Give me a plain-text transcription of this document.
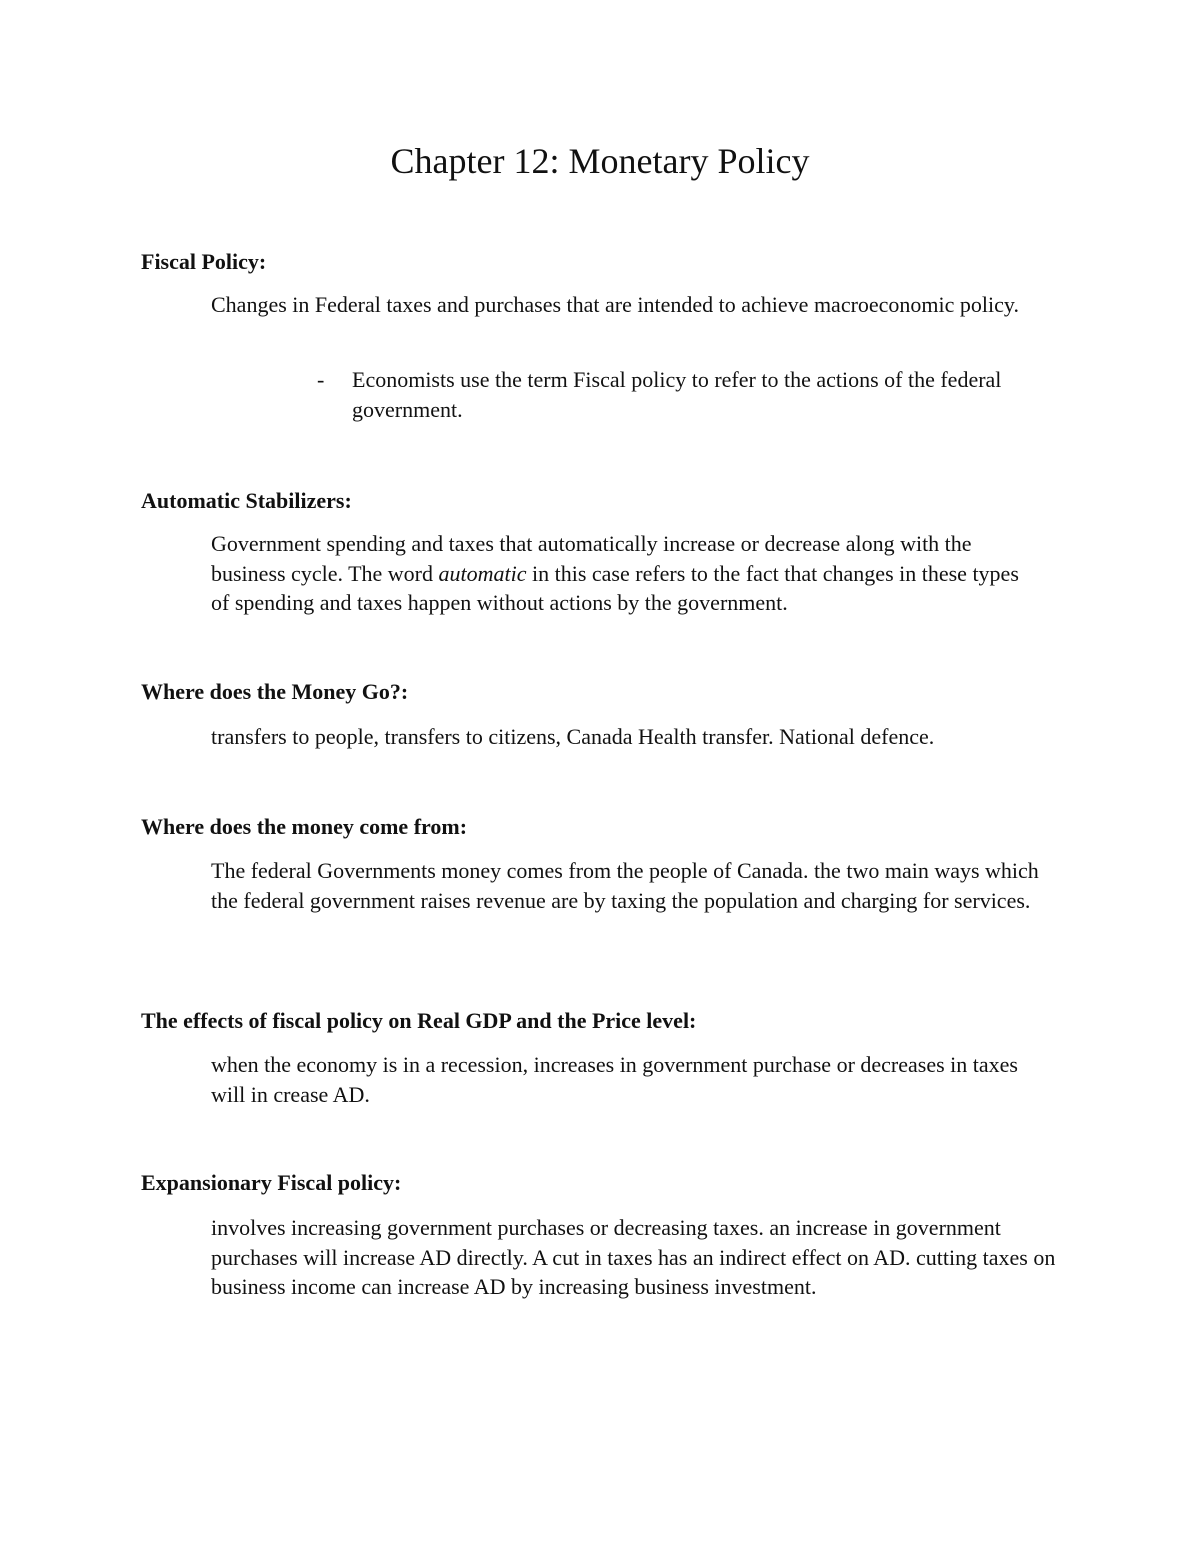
Chapter 12: Monetary Policy
Fiscal Policy:

Changes in Federal taxes and purchases that are intended to achieve macroeconomic policy.

-	Economists use the term Fiscal policy to refer to the actions of the federal government.
Automatic Stabilizers:

Government spending and taxes that automatically increase or decrease along with the business cycle. The word automatic in this case refers to the fact that changes in these types of spending and taxes happen without actions by the government.

Where does the Money Go?:

transfers to people, transfers to citizens, Canada Health transfer. National defence.

Where does the money come from:

The federal Governments money comes from the people of Canada. the two main ways which the federal government raises revenue are by taxing the population and charging for services.

The effects of fiscal policy on Real GDP and the Price level:

when the economy is in a recession, increases in government purchase or decreases in taxes will in crease AD.

Expansionary Fiscal policy:

involves increasing government purchases or decreasing taxes. an increase in government purchases will increase AD directly. A cut in taxes has an indirect effect on AD. cutting taxes on business income can increase AD by increasing business investment.
